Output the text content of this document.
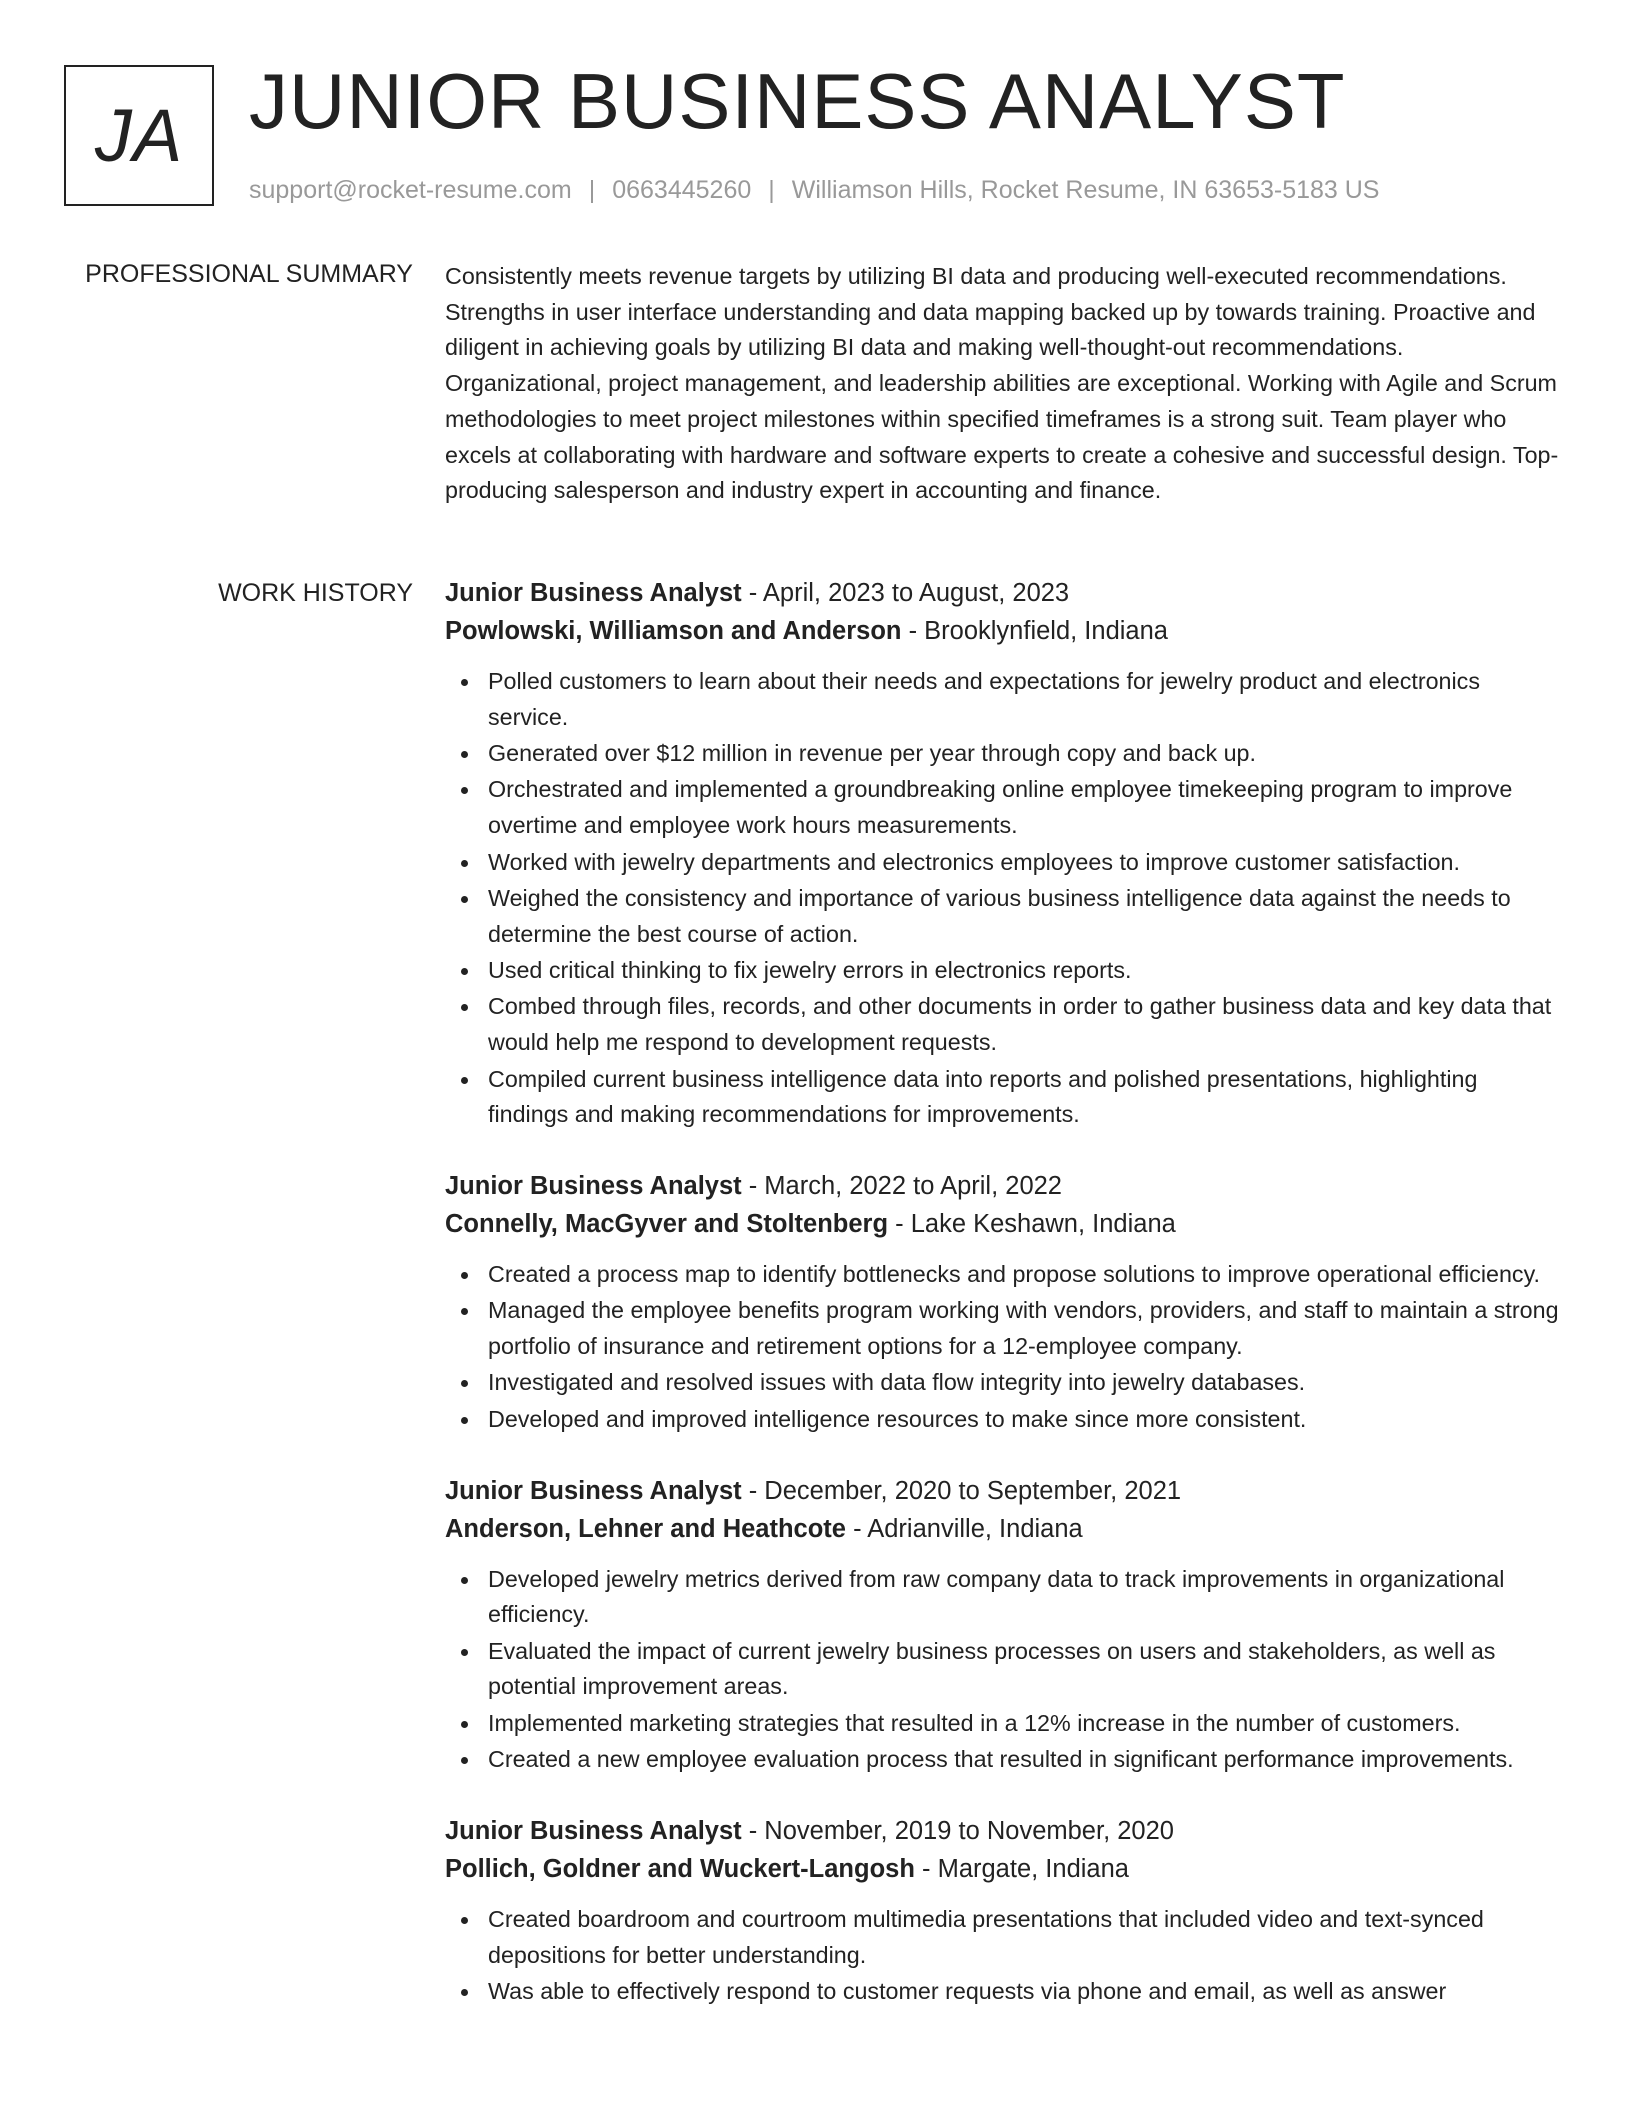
JA JUNIOR BUSINESS ANALYST
support@rocket-resume.com | 0663445260 | Williamson Hills, Rocket Resume, IN 63653-5183 US
PROFESSIONAL SUMMARY Consistently meets revenue targets by utilizing BI data and producing well-executed recommendations. Strengths in user interface understanding and data mapping backed up by towards training. Proactive and diligent in achieving goals by utilizing BI data and making well-thought-out recommendations. Organizational, project management, and leadership abilities are exceptional. Working with Agile and Scrum methodologies to meet project milestones within specified timeframes is a strong suit. Team player who excels at collaborating with hardware and software experts to create a cohesive and successful design. Top-producing salesperson and industry expert in accounting and finance.
WORK HISTORY Junior Business Analyst - April, 2023 to August, 2023
Powlowski, Williamson and Anderson - Brooklynfield, Indiana
Polled customers to learn about their needs and expectations for jewelry product and electronics service.
Generated over $12 million in revenue per year through copy and back up.
Orchestrated and implemented a groundbreaking online employee timekeeping program to improve overtime and employee work hours measurements.
Worked with jewelry departments and electronics employees to improve customer satisfaction.
Weighed the consistency and importance of various business intelligence data against the needs to determine the best course of action.
Used critical thinking to fix jewelry errors in electronics reports.
Combed through files, records, and other documents in order to gather business data and key data that would help me respond to development requests.
Compiled current business intelligence data into reports and polished presentations, highlighting findings and making recommendations for improvements.
Junior Business Analyst - March, 2022 to April, 2022
Connelly, MacGyver and Stoltenberg - Lake Keshawn, Indiana
Created a process map to identify bottlenecks and propose solutions to improve operational efficiency.
Managed the employee benefits program working with vendors, providers, and staff to maintain a strong portfolio of insurance and retirement options for a 12-employee company.
Investigated and resolved issues with data flow integrity into jewelry databases.
Developed and improved intelligence resources to make since more consistent.
Junior Business Analyst - December, 2020 to September, 2021
Anderson, Lehner and Heathcote - Adrianville, Indiana
Developed jewelry metrics derived from raw company data to track improvements in organizational efficiency.
Evaluated the impact of current jewelry business processes on users and stakeholders, as well as potential improvement areas.
Implemented marketing strategies that resulted in a 12% increase in the number of customers.
Created a new employee evaluation process that resulted in significant performance improvements.
Junior Business Analyst - November, 2019 to November, 2020
Pollich, Goldner and Wuckert-Langosh - Margate, Indiana
Created boardroom and courtroom multimedia presentations that included video and text-synced depositions for better understanding.
Was able to effectively respond to customer requests via phone and email, as well as answer
